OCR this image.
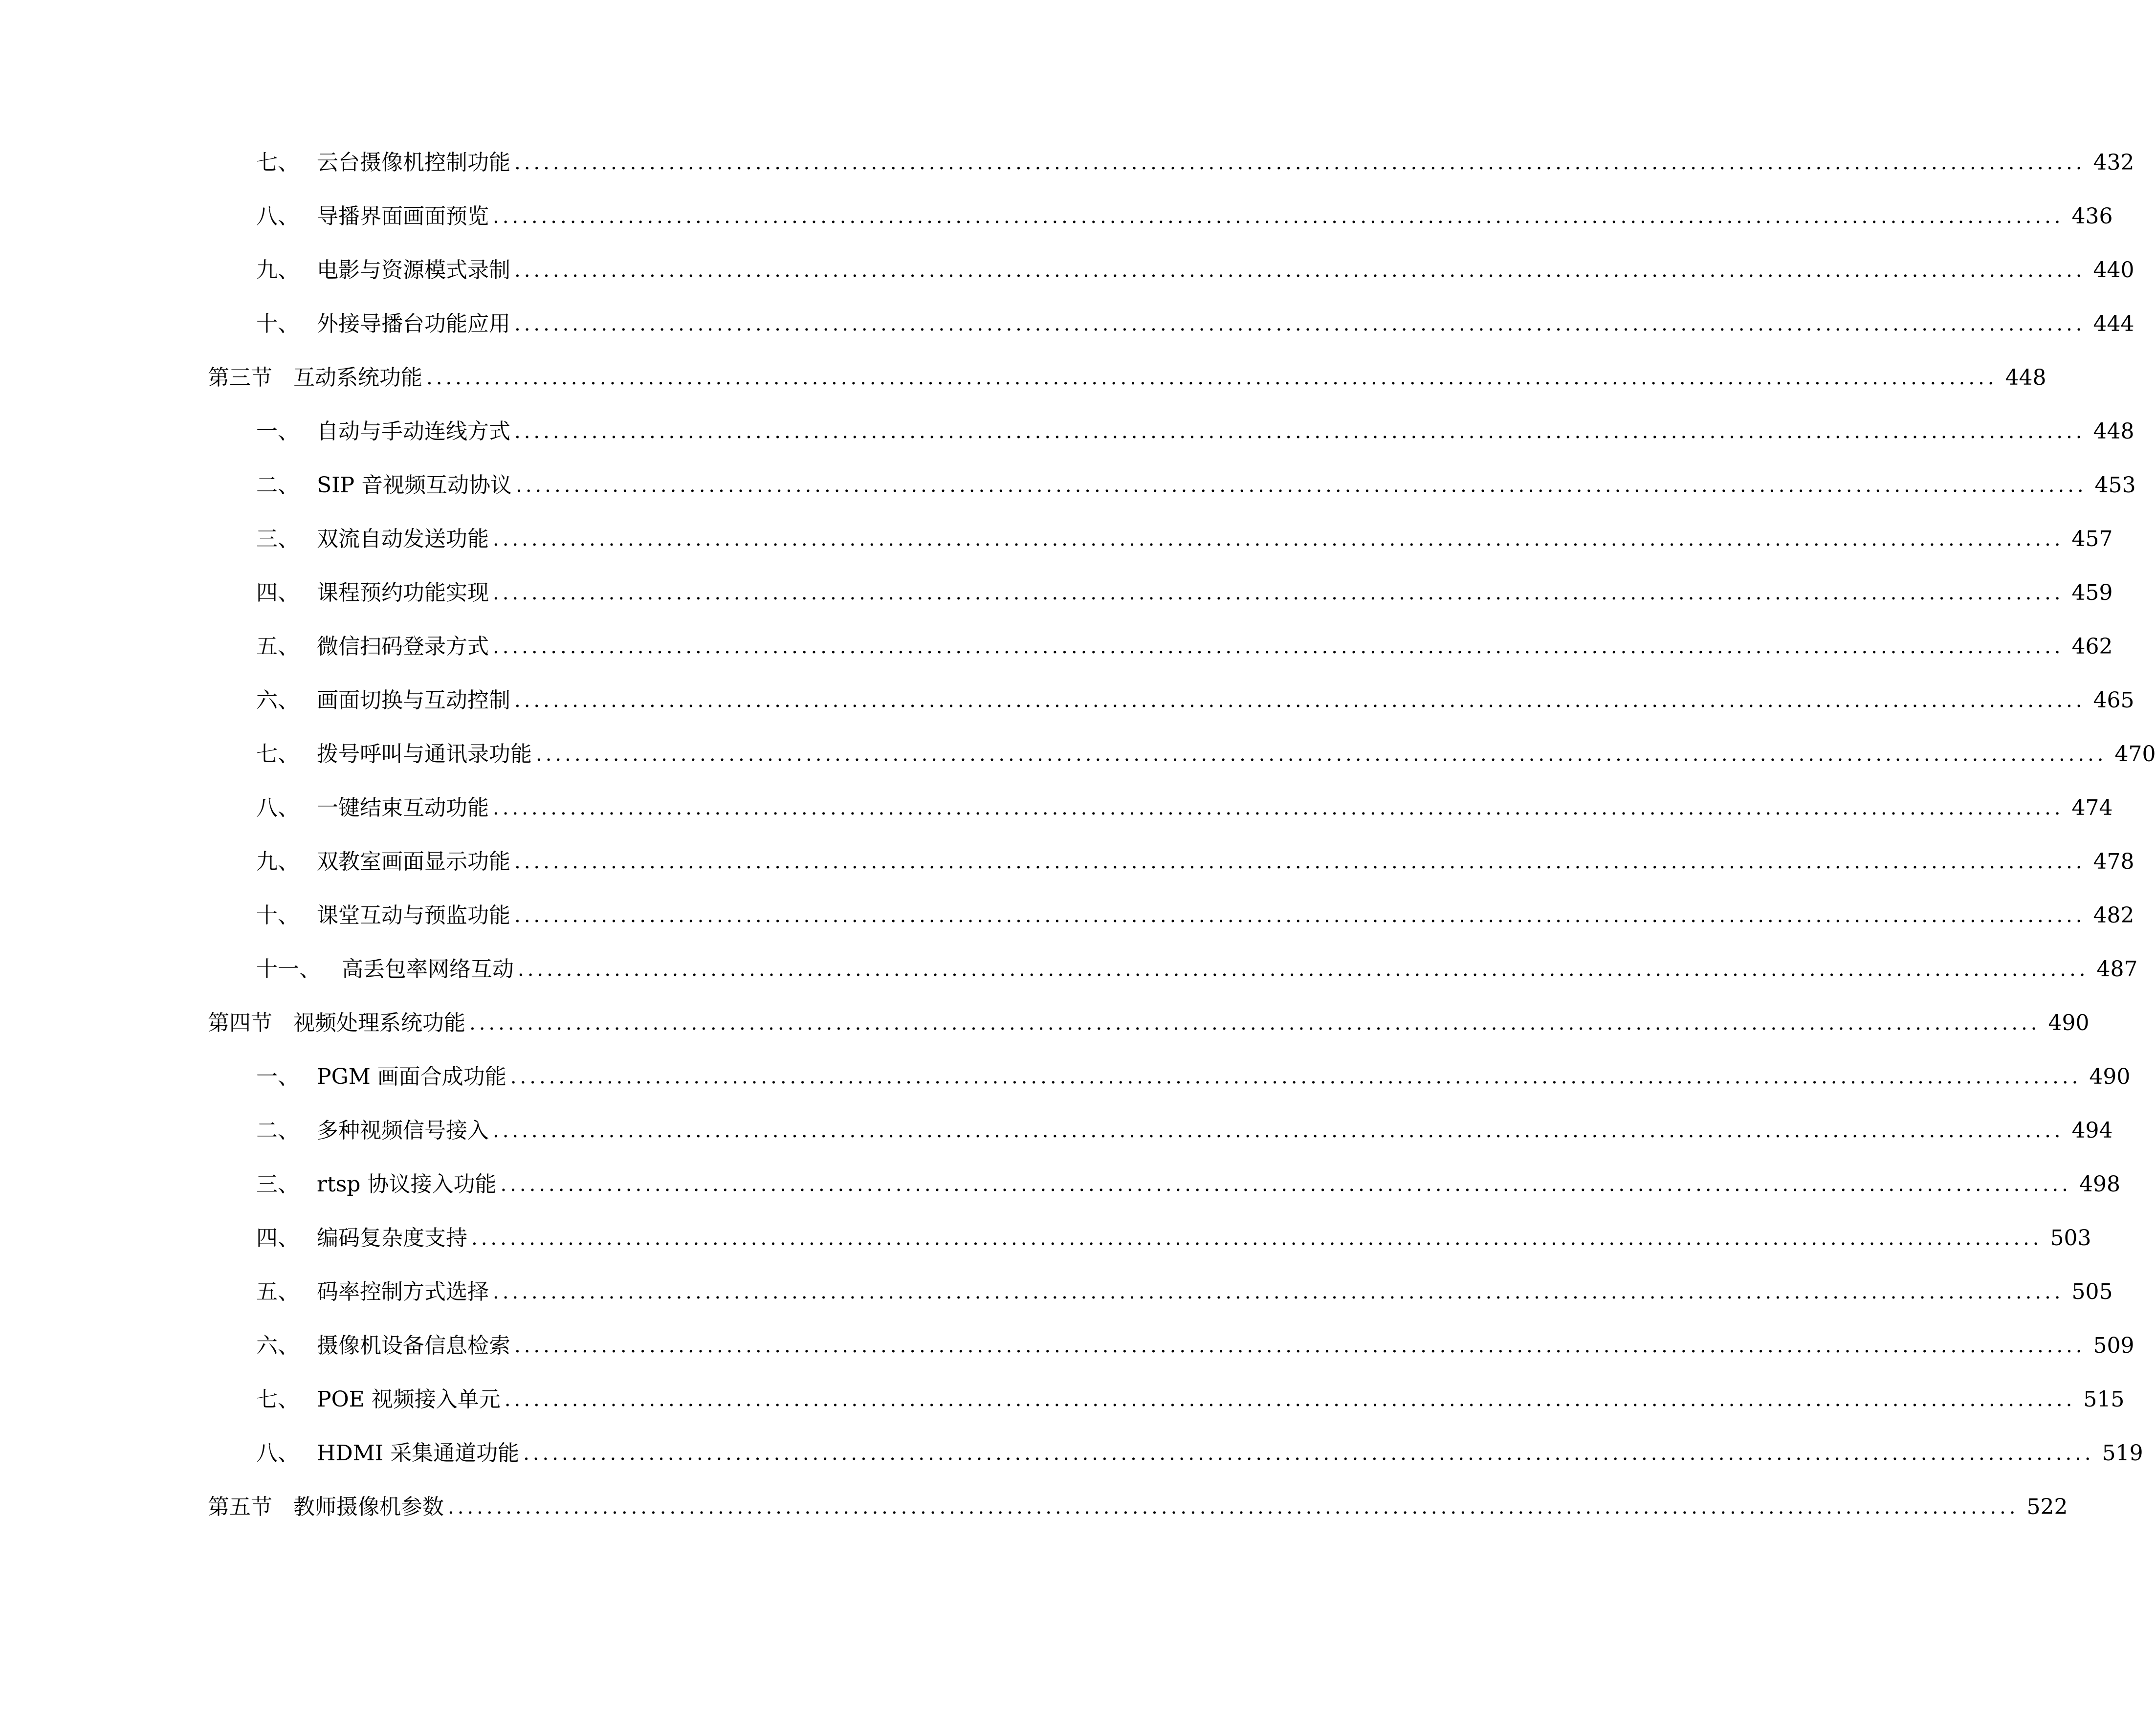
七、 云台摄像机控制功能 ................................................................................................................................................................... 432
八、 导播界面画面预览 ................................................................................................................................................................... 436
九、 电影与资源模式录制 ................................................................................................................................................................... 440
十、 外接导播台功能应用 ................................................................................................................................................................... 444
第三节 互动系统功能 ................................................................................................................................................................... 448
一、 自动与手动连线方式 ................................................................................................................................................................... 448
二、 SIP 音视频互动协议 ................................................................................................................................................................... 453
三、 双流自动发送功能 ................................................................................................................................................................... 457
四、 课程预约功能实现 ................................................................................................................................................................... 459
五、 微信扫码登录方式 ................................................................................................................................................................... 462
六、 画面切换与互动控制 ................................................................................................................................................................... 465
七、 拨号呼叫与通讯录功能 ................................................................................................................................................................... 470
八、 一键结束互动功能 ................................................................................................................................................................... 474
九、 双教室画面显示功能 ................................................................................................................................................................... 478
十、 课堂互动与预监功能 ................................................................................................................................................................... 482
十一、 高丢包率网络互动 ................................................................................................................................................................... 487
第四节 视频处理系统功能 ................................................................................................................................................................... 490
一、 PGM 画面合成功能 ................................................................................................................................................................... 490
二、 多种视频信号接入 ................................................................................................................................................................... 494
三、 rtsp 协议接入功能 ................................................................................................................................................................... 498
四、 编码复杂度支持 ................................................................................................................................................................... 503
五、 码率控制方式选择 ................................................................................................................................................................... 505
六、 摄像机设备信息检索 ................................................................................................................................................................... 509
七、 POE 视频接入单元 ................................................................................................................................................................... 515
八、 HDMI 采集通道功能 ................................................................................................................................................................... 519
第五节 教师摄像机参数 ................................................................................................................................................................... 522
